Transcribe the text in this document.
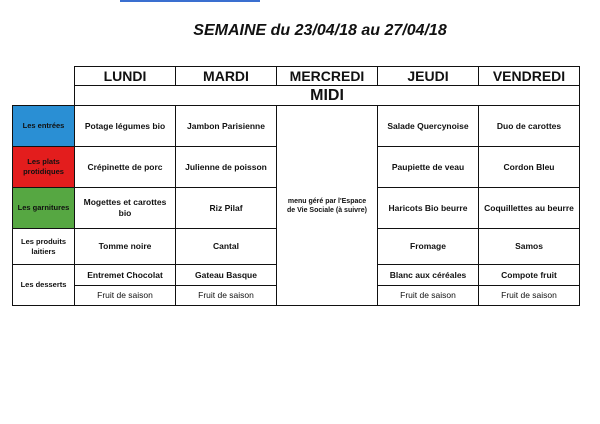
SEMAINE du 23/04/18 au 27/04/18
	LUNDI	MARDI	MERCREDI	JEUDI	VENDREDI
	MIDI				
Les entrées	Potage légumes bio	Jambon Parisienne	menu géré par l'Espace de Vie Sociale (à suivre)	Salade Quercynoise	Duo de carottes
Les plats protidiques	Crépinette de porc	Julienne de poisson		Paupiette de veau	Cordon Bleu
Les garnitures	Mogettes et carottes bio	Riz Pilaf		Haricots Bio beurre	Coquillettes au beurre
Les produits laitiers	Tomme noire	Cantal		Fromage	Samos
Les desserts	Entremet Chocolat	Gateau Basque		Blanc aux céréales	Compote fruit
	Fruit de saison	Fruit de saison		Fruit de saison	Fruit de saison
